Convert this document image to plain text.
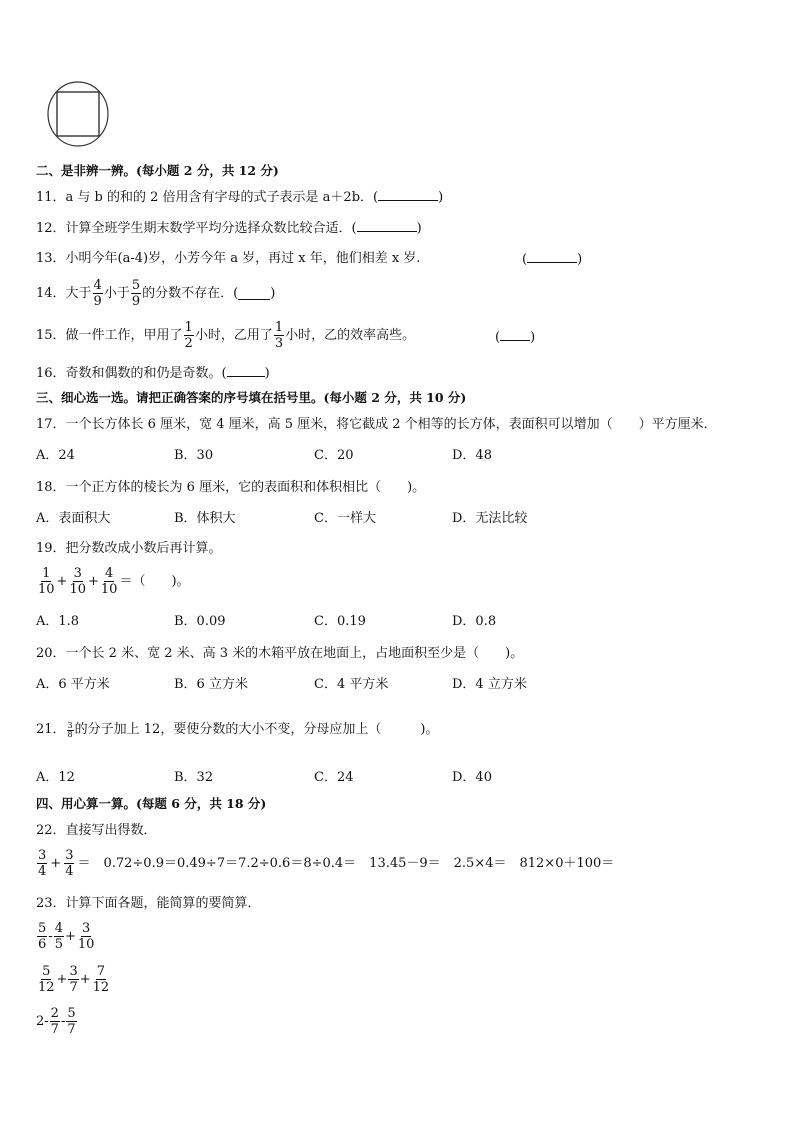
二、是非辨一辨。(每小题 2 分，共 12 分)
11．a 与 b 的和的 2 倍用含有字母的式子表示是 a＋2b．(	)
12．计算全班学生期末数学平均分选择众数比较合适．(	)
13．小明今年(a-4)岁，小芳今年 a 岁，再过 x 年，他们相差 x 岁.	(	)
14．大于 $\frac{4}{9}$ 小于 $\frac{5}{9}$ 的分数不存在．( )
15．做一件工作，甲用了 $\frac{1}{2}$ 小时，乙用了 $\frac{1}{3}$ 小时，乙的效率高些。	( )
16．奇数和偶数的和仍是奇数。(	)
三、细心选一选。请把正确答案的序号填在括号里。(每小题 2 分，共 10 分)
17．一个长方体长 6 厘米，宽 4 厘米，高 5 厘米，将它截成 2 个相等的长方体，表面积可以增加（　　）平方厘米．
A．24	B．30	C．20	D．48
18．一个正方体的棱长为 6 厘米，它的表面积和体积相比（　　)。
A．表面积大	B．体积大	C．一样大	D．无法比较
19．把分数改成小数后再计算。
$\frac{1}{10} + \frac{3}{10} + \frac{4}{10}$ ＝（　　)。
A．1.8	B．0.09	C．0.19	D．0.8
20．一个长 2 米、宽 2 米、高 3 米的木箱平放在地面上，占地面积至少是（　　)。
A．6 平方米	B．6 立方米	C．4 平方米	D．4 立方米
21． $\frac{3}{8}$ 的分子加上 12，要使分数的大小不变，分母应加上（　　　)。
A．12	B．32	C．24	D．40
四、用心算一算。(每题 6 分，共 18 分)
22．直接写出得数．
$\frac{3}{4} + \frac{3}{4}$ ＝　0.72÷0.9＝0.49÷7＝7.2÷0.6＝8÷0.4＝　13.45－9＝　2.5×4＝　812×0＋100＝
23．计算下面各题，能简算的要简算．
$\frac{5}{6} - \frac{4}{5} + \frac{3}{10}$
$\frac{5}{12} + \frac{3}{7} + \frac{7}{12}$
$2- \frac{2}{7} - \frac{5}{7}$
